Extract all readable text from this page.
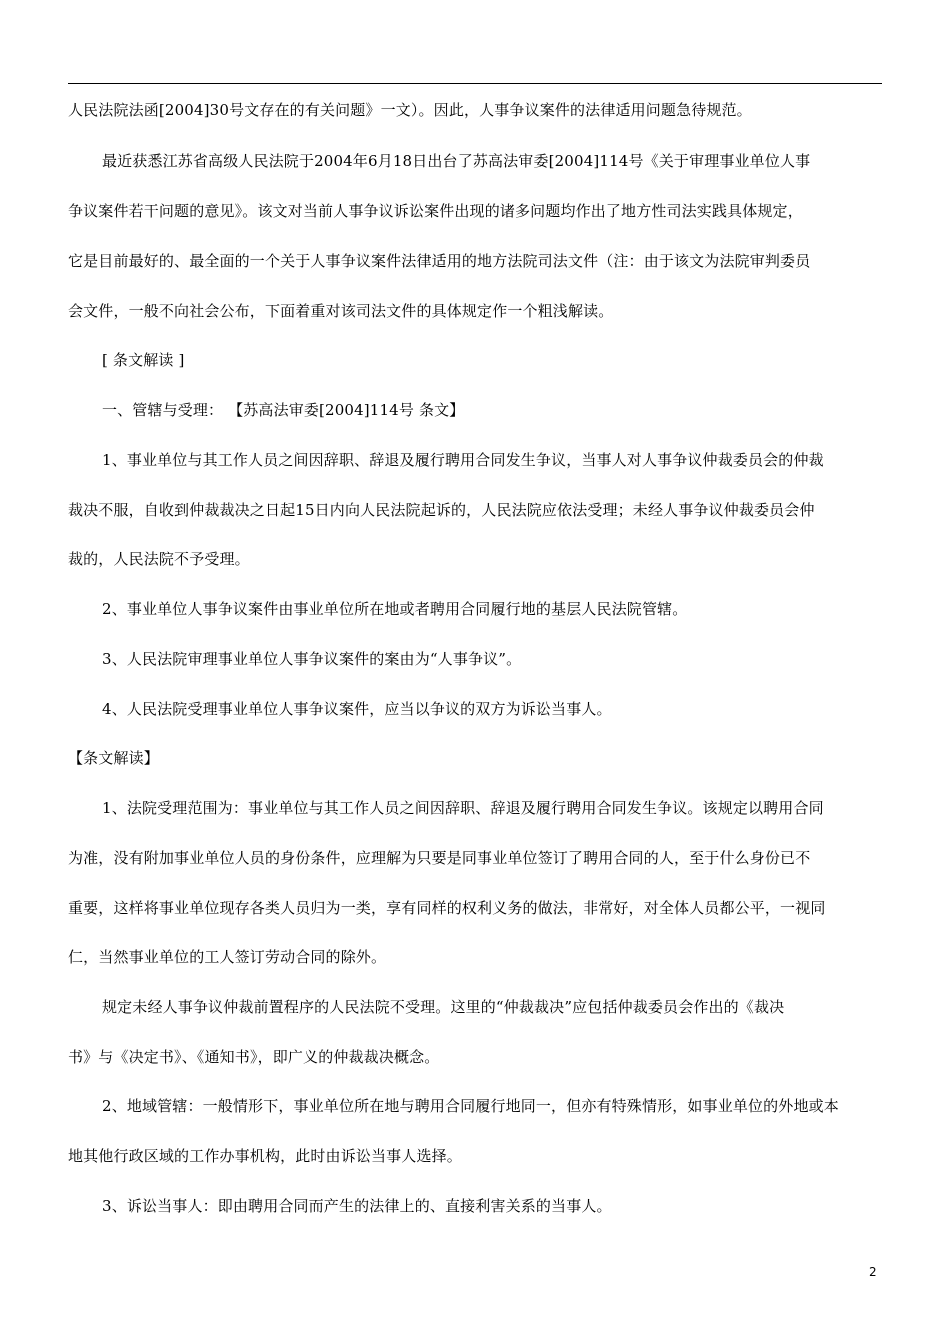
人民法院法函[2004]30号文存在的有关问题》一文）。因此，人事争议案件的法律适用问题急待规范。
最近获悉江苏省高级人民法院于2004年6月18日出台了苏高法审委[2004]114号《关于审理事业单位人事
争议案件若干问题的意见》。该文对当前人事争议诉讼案件出现的诸多问题均作出了地方性司法实践具体规定，
它是目前最好的、最全面的一个关于人事争议案件法律适用的地方法院司法文件（注：由于该文为法院审判委员
会文件，一般不向社会公布，下面着重对该司法文件的具体规定作一个粗浅解读。
[ 条文解读 ]
一、管辖与受理： 【苏高法审委[2004]114号 条文】
1、事业单位与其工作人员之间因辞职、辞退及履行聘用合同发生争议，当事人对人事争议仲裁委员会的仲裁
裁决不服，自收到仲裁裁决之日起15日内向人民法院起诉的，人民法院应依法受理；未经人事争议仲裁委员会仲
裁的，人民法院不予受理。
2、事业单位人事争议案件由事业单位所在地或者聘用合同履行地的基层人民法院管辖。
3、人民法院审理事业单位人事争议案件的案由为“人事争议”。
4、人民法院受理事业单位人事争议案件，应当以争议的双方为诉讼当事人。
【条文解读】
1、法院受理范围为：事业单位与其工作人员之间因辞职、辞退及履行聘用合同发生争议。该规定以聘用合同
为准，没有附加事业单位人员的身份条件，应理解为只要是同事业单位签订了聘用合同的人，至于什么身份已不
重要，这样将事业单位现存各类人员归为一类，享有同样的权利义务的做法，非常好，对全体人员都公平，一视同
仁，当然事业单位的工人签订劳动合同的除外。
规定未经人事争议仲裁前置程序的人民法院不受理。这里的“仲裁裁决”应包括仲裁委员会作出的《裁决
书》与《决定书》、《通知书》，即广义的仲裁裁决概念。
2、地域管辖：一般情形下，事业单位所在地与聘用合同履行地同一，但亦有特殊情形，如事业单位的外地或本
地其他行政区域的工作办事机构，此时由诉讼当事人选择。
3、诉讼当事人：即由聘用合同而产生的法律上的、直接利害关系的当事人。
2
